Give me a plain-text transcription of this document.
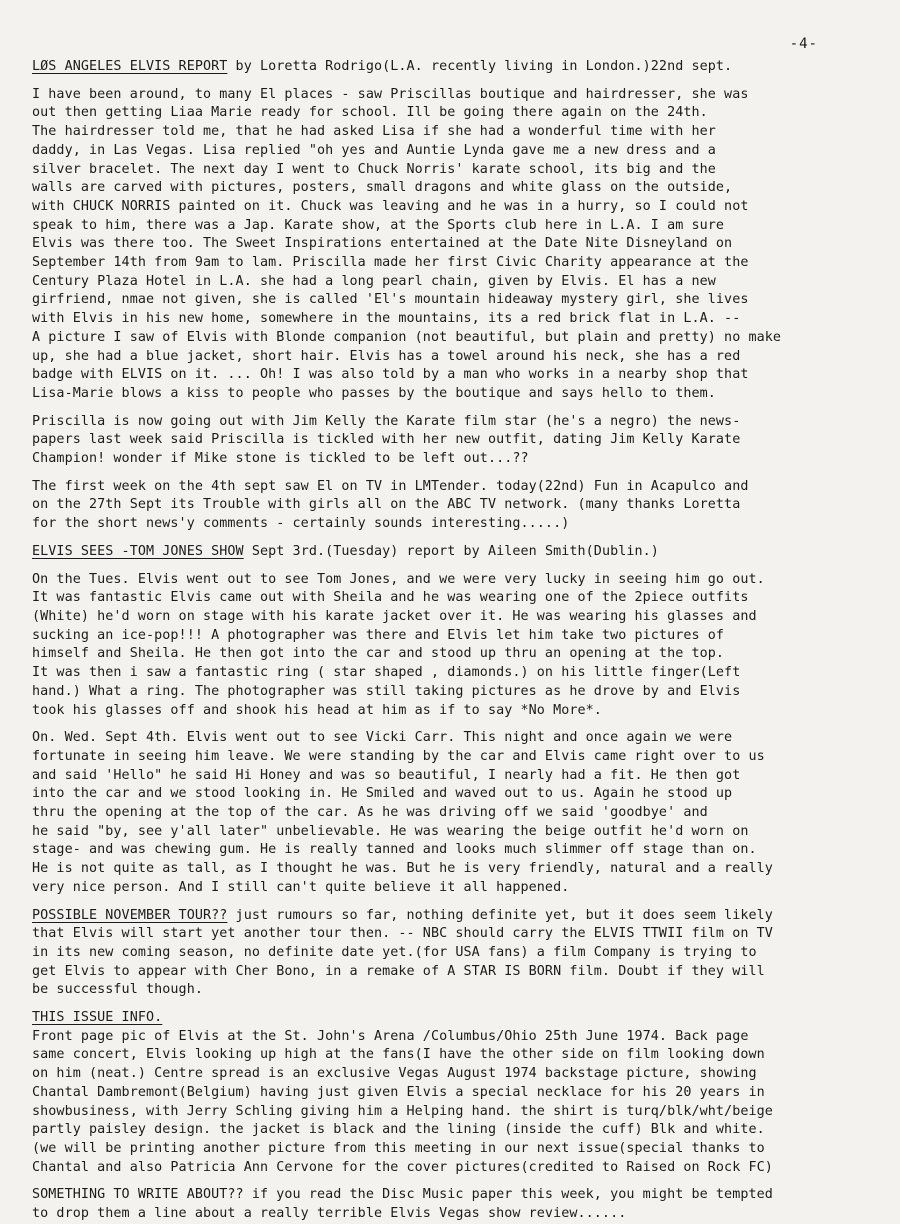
-4-

LØS ANGELES ELVIS REPORT by Loretta Rodrigo(L.A. recently living in London.)22nd sept.

I have been around, to many El places - saw Priscillas boutique and hairdresser, she was
out then getting Liaa Marie ready for school. Ill be going there again on the 24th.
The hairdresser told me, that he had asked Lisa if she had a wonderful time with her
daddy, in Las Vegas. Lisa replied "oh yes and Auntie Lynda gave me a new dress and a
silver bracelet. The next day I went to Chuck Norris' karate school, its big and the
walls are carved with pictures, posters, small dragons and white glass on the outside,
with CHUCK NORRIS painted on it. Chuck was leaving and he was in a hurry, so I could not
speak to him, there was a Jap. Karate show, at the Sports club here in L.A. I am sure
Elvis was there too. The Sweet Inspirations entertained at the Date Nite Disneyland on
September 14th from 9am to lam. Priscilla made her first Civic Charity appearance at the
Century Plaza Hotel in L.A. she had a long pearl chain, given by Elvis. El has a new
girfriend, nmae not given, she is called 'El's mountain hideaway mystery girl, she lives
with Elvis in his new home, somewhere in the mountains, its a red brick flat in L.A. --
A picture I saw of Elvis with Blonde companion (not beautiful, but plain and pretty) no make
up, she had a blue jacket, short hair. Elvis has a towel around his neck, she has a red
badge with ELVIS on it. ... Oh! I was also told by a man who works in a nearby shop that
Lisa-Marie blows a kiss to people who passes by the boutique and says hello to them.

Priscilla is now going out with Jim Kelly the Karate film star (he's a negro) the news-
papers last week said Priscilla is tickled with her new outfit, dating Jim Kelly Karate
Champion! wonder if Mike stone is tickled to be left out...??

The first week on the 4th sept saw El on TV in LMTender. today(22nd) Fun in Acapulco and
on the 27th Sept its Trouble with girls all on the ABC TV network. (many thanks Loretta
for the short news'y comments - certainly sounds interesting.....)

ELVIS SEES -TOM JONES SHOW Sept 3rd.(Tuesday) report by Aileen Smith(Dublin.)

On the Tues. Elvis went out to see Tom Jones, and we were very lucky in seeing him go out.
It was fantastic Elvis came out with Sheila and he was wearing one of the 2piece outfits
(White) he'd worn on stage with his karate jacket over it. He was wearing his glasses and
sucking an ice-pop!!! A photographer was there and Elvis let him take two pictures of
himself and Sheila. He then got into the car and stood up thru an opening at the top.
It was then i saw a fantastic ring ( star shaped , diamonds.) on his little finger(Left
hand.) What a ring. The photographer was still taking pictures as he drove by and Elvis
took his glasses off and shook his head at him as if to say *No More*.

On. Wed. Sept 4th. Elvis went out to see Vicki Carr. This night and once again we were
fortunate in seeing him leave. We were standing by the car and Elvis came right over to us
and said 'Hello" he said Hi Honey and was so beautiful, I nearly had a fit. He then got
into the car and we stood looking in. He Smiled and waved out to us. Again he stood up
thru the opening at the top of the car. As he was driving off we said 'goodbye' and
he said "by, see y'all later" unbelievable. He was wearing the beige outfit he'd worn on
stage- and was chewing gum. He is really tanned and looks much slimmer off stage than on.
He is not quite as tall, as I thought he was. But he is very friendly, natural and a really
very nice person. And I still can't quite believe it all happened.

POSSIBLE NOVEMBER TOUR?? just rumours so far, nothing definite yet, but it does seem likely
that Elvis will start yet another tour then. -- NBC should carry the ELVIS TTWII film on TV
in its new coming season, no definite date yet.(for USA fans) a film Company is trying to
get Elvis to appear with Cher Bono, in a remake of A STAR IS BORN film. Doubt if they will
be successful though.

THIS ISSUE INFO.

Front page pic of Elvis at the St. John's Arena /Columbus/Ohio 25th June 1974. Back page
same concert, Elvis looking up high at the fans(I have the other side on film looking down
on him (neat.) Centre spread is an exclusive Vegas August 1974 backstage picture, showing
Chantal Dambremont(Belgium) having just given Elvis a special necklace for his 20 years in
showbusiness, with Jerry Schling giving him a Helping hand. the shirt is turq/blk/wht/beige
partly paisley design. the jacket is black and the lining (inside the cuff) Blk and white.
(we will be printing another picture from this meeting in our next issue(special thanks to
Chantal and also Patricia Ann Cervone for the cover pictures(credited to Raised on Rock FC)

SOMETHING TO WRITE ABOUT?? if you read the Disc Music paper this week, you might be tempted
to drop them a line about a really terrible Elvis Vegas show review......
